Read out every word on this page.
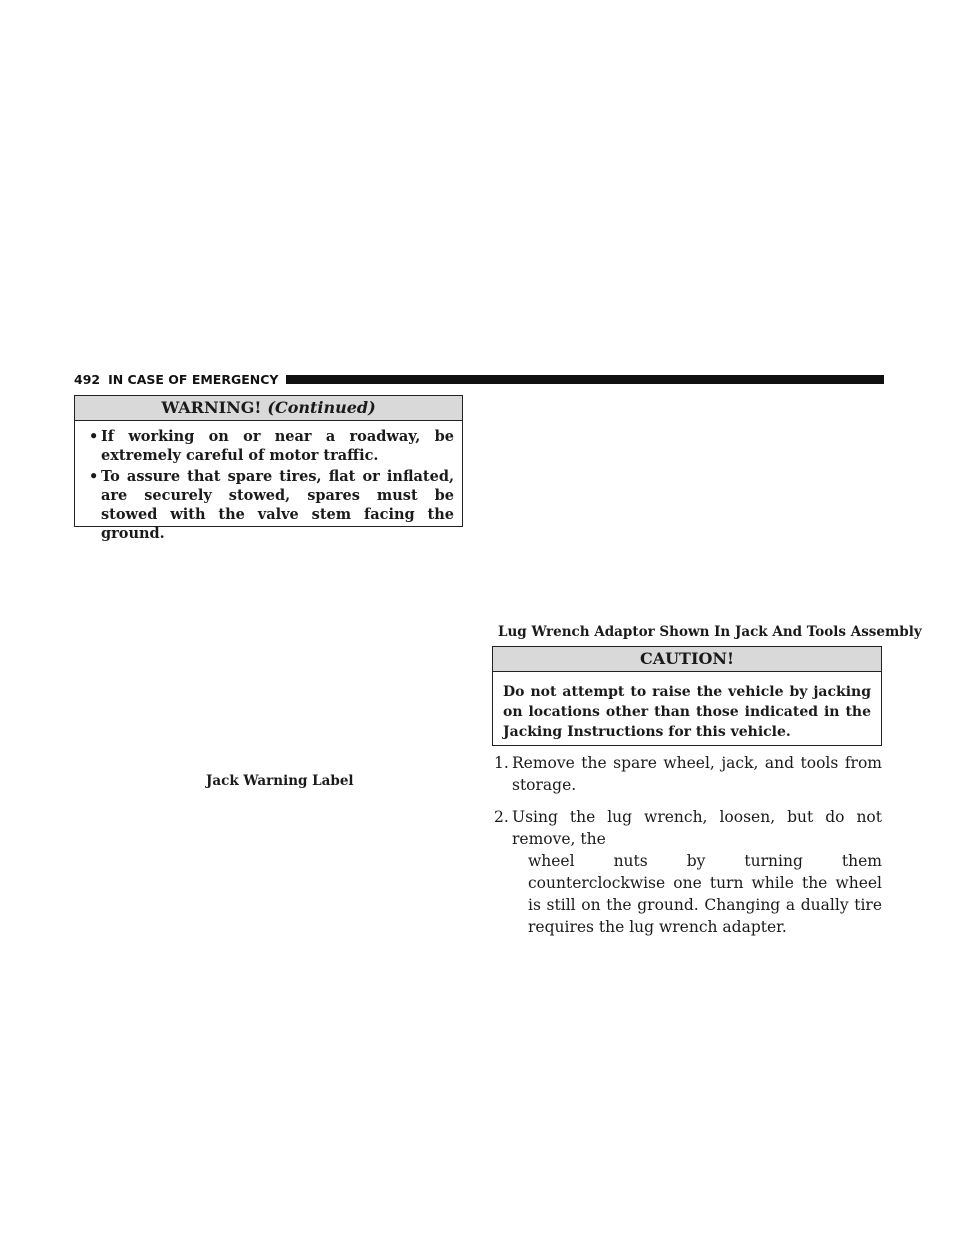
492 IN CASE OF EMERGENCY
WARNING! (Continued)
• If working on or near a roadway, be extremely careful of motor traffic.
• To assure that spare tires, flat or inflated, are securely stowed, spares must be stowed with the valve stem facing the ground.
Lug Wrench Adaptor Shown In Jack And Tools Assembly
CAUTION!
Do not attempt to raise the vehicle by jacking on locations other than those indicated in the Jacking Instructions for this vehicle.
Jack Warning Label
1. Remove the spare wheel, jack, and tools from storage.
2. Using the lug wrench, loosen, but do not remove, the
wheel nuts by turning them counterclockwise one turn while the wheel is still on the ground. Changing a dually tire requires the lug wrench adapter.
